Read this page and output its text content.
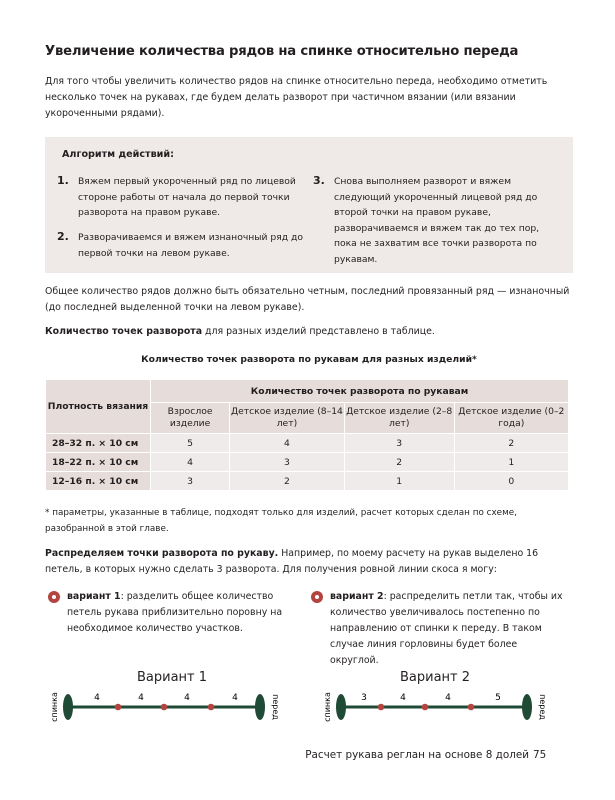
Увеличение количества рядов на спинке относительно переда
Для того чтобы увеличить количество рядов на спинке относительно переда, необходимо отметить несколько точек на рукавах, где будем делать разворот при частичном вязании (или вязании укороченными рядами).
Алгоритм действий:
1. Вяжем первый укороченный ряд по лицевой стороне работы от начала до первой точки разворота на правом рукаве.
2. Разворачиваемся и вяжем изнаночный ряд до первой точки на левом рукаве.
3. Снова выполняем разворот и вяжем следующий укороченный лицевой ряд до второй точки на правом рукаве, разворачиваемся и вяжем так до тех пор, пока не захватим все точки разворота по рукавам.
Общее количество рядов должно быть обязательно четным, последний провязанный ряд — изнаночный (до последней выделенной точки на левом рукаве).
Количество точек разворота для разных изделий представлено в таблице.
Количество точек разворота по рукавам для разных изделий*
Плотность вязания	Количество точек разворота по рукавам			
	Взрослое изделие	Детское изделие (8–14 лет)	Детское изделие (2–8 лет)	Детское изделие (0–2 года)
28–32 п. × 10 см	5	4	3	2
18–22 п. × 10 см	4	3	2	1
12–16 п. × 10 см	3	2	1	0
* параметры, указанные в таблице, подходят только для изделий, расчет которых сделан по схеме, разобранной в этой главе.
Распределяем точки разворота по рукаву. Например, по моему расчету на рукав выделено 16 петель, в которых нужно сделать 3 разворота. Для получения ровной линии скоса я могу:
вариант 1: разделить общее количество петель рукава приблизительно поровну на необходимое количество участков.
вариант 2: распределить петли так, чтобы их количество увеличивалось постепенно по направлению от спинки к переду. В таком случае линия горловины будет более округлой.
Вариант 1
спинка	перед
4	4	4	4
Вариант 2
спинка	перед
3	4	4	5
Расчет рукава реглан на основе 8 долей 75
PassionForum.ru
